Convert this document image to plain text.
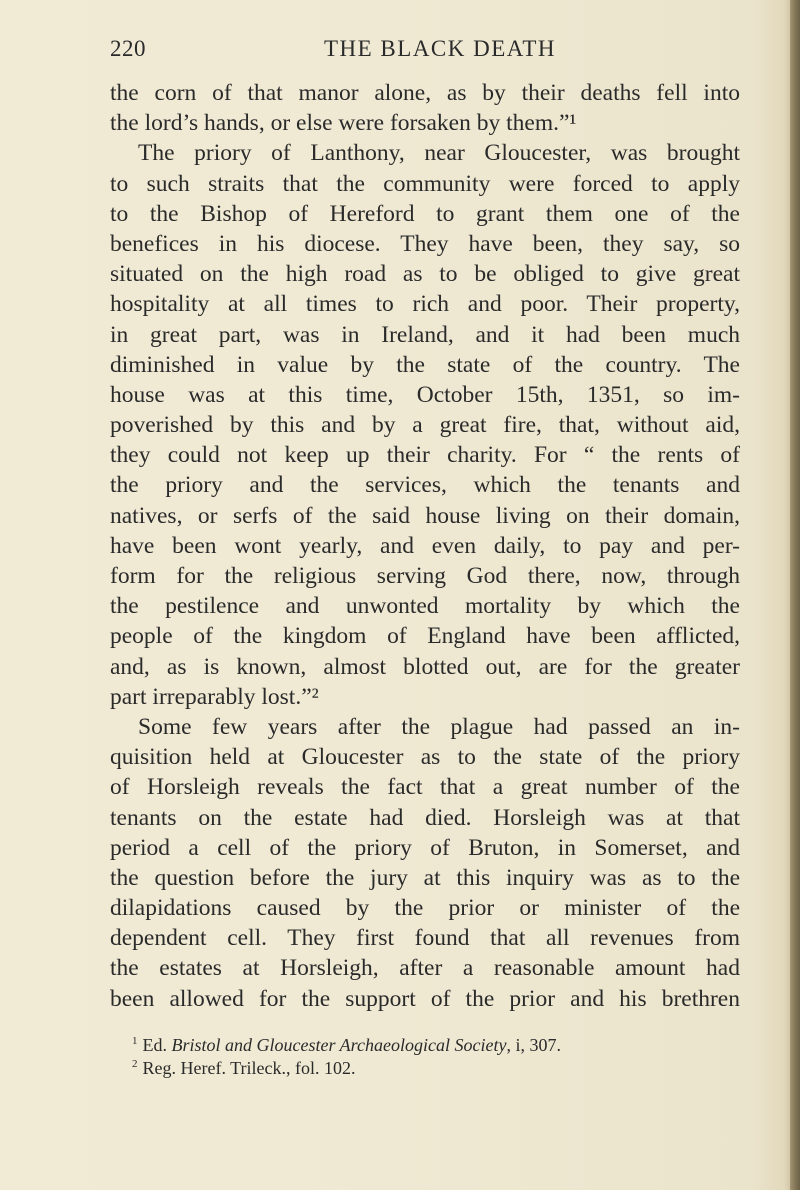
220	THE BLACK DEATH
the corn of that manor alone, as by their deaths fell into
the lord’s hands, or else were forsaken by them.”¹
The priory of Lanthony, near Gloucester, was brought
to such straits that the community were forced to apply
to the Bishop of Hereford to grant them one of the
benefices in his diocese. They have been, they say, so
situated on the high road as to be obliged to give great
hospitality at all times to rich and poor. Their property,
in great part, was in Ireland, and it had been much
diminished in value by the state of the country. The
house was at this time, October 15th, 1351, so im-
poverished by this and by a great fire, that, without aid,
they could not keep up their charity. For “ the rents of
the priory and the services, which the tenants and
natives, or serfs of the said house living on their domain,
have been wont yearly, and even daily, to pay and per-
form for the religious serving God there, now, through
the pestilence and unwonted mortality by which the
people of the kingdom of England have been afflicted,
and, as is known, almost blotted out, are for the greater
part irreparably lost.”²
Some few years after the plague had passed an in-
quisition held at Gloucester as to the state of the priory
of Horsleigh reveals the fact that a great number of the
tenants on the estate had died. Horsleigh was at that
period a cell of the priory of Bruton, in Somerset, and
the question before the jury at this inquiry was as to the
dilapidations caused by the prior or minister of the
dependent cell. They first found that all revenues from
the estates at Horsleigh, after a reasonable amount had
been allowed for the support of the prior and his brethren
$^1$ Ed. Bristol and Gloucester Archaeological Society, i, 307.
$^2$ Reg. Heref. Trileck., fol. 102.
